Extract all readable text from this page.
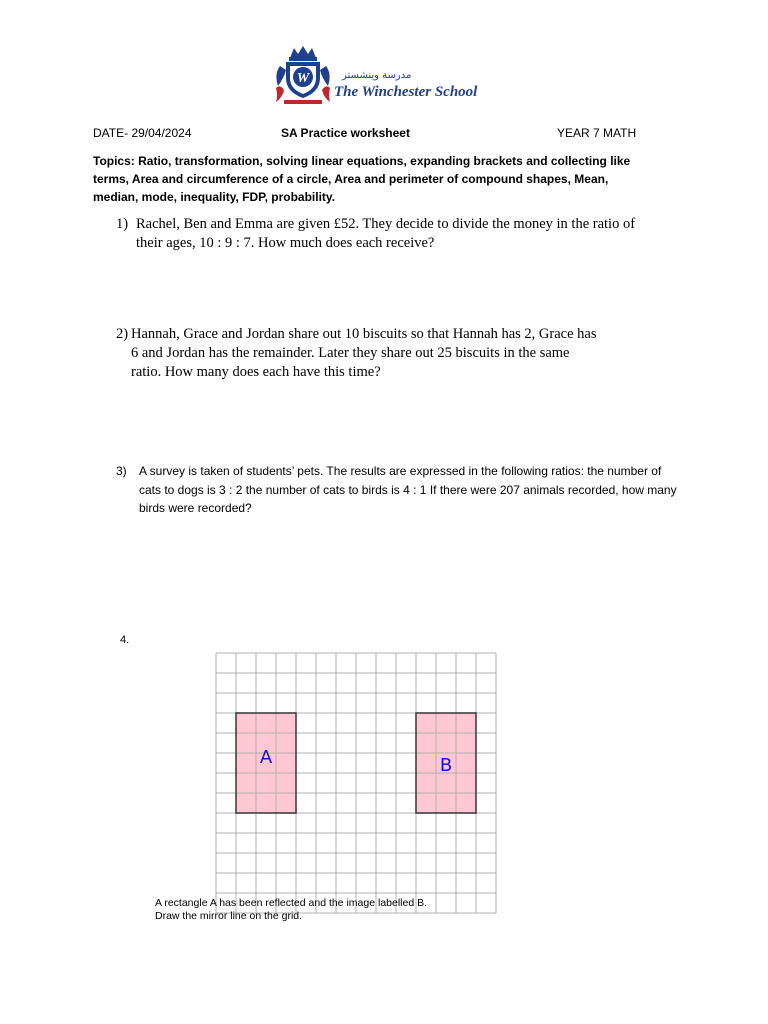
W	مدرسة وينشستر
The Winchester School
DATE- 29/04/2024	SA Practice worksheet	YEAR 7 MATH
Topics: Ratio, transformation, solving linear equations, expanding brackets and collecting like terms, Area and circumference of a circle, Area and perimeter of compound shapes, Mean, median, mode, inequality, FDP, probability.
1) Rachel, Ben and Emma are given £52. They decide to divide the money in the ratio of their ages, 10 : 9 : 7. How much does each receive?
2) Hannah, Grace and Jordan share out 10 biscuits so that Hannah has 2, Grace has 6 and Jordan has the remainder. Later they share out 25 biscuits in the same ratio. How many does each have this time?
3) A survey is taken of students’ pets. The results are expressed in the following ratios: the number of cats to dogs is 3 : 2 the number of cats to birds is 4 : 1 If there were 207 animals recorded, how many birds were recorded?
4.
A	B
A rectangle A has been reflected and the image labelled B.
Draw the mirror line on the grid.
